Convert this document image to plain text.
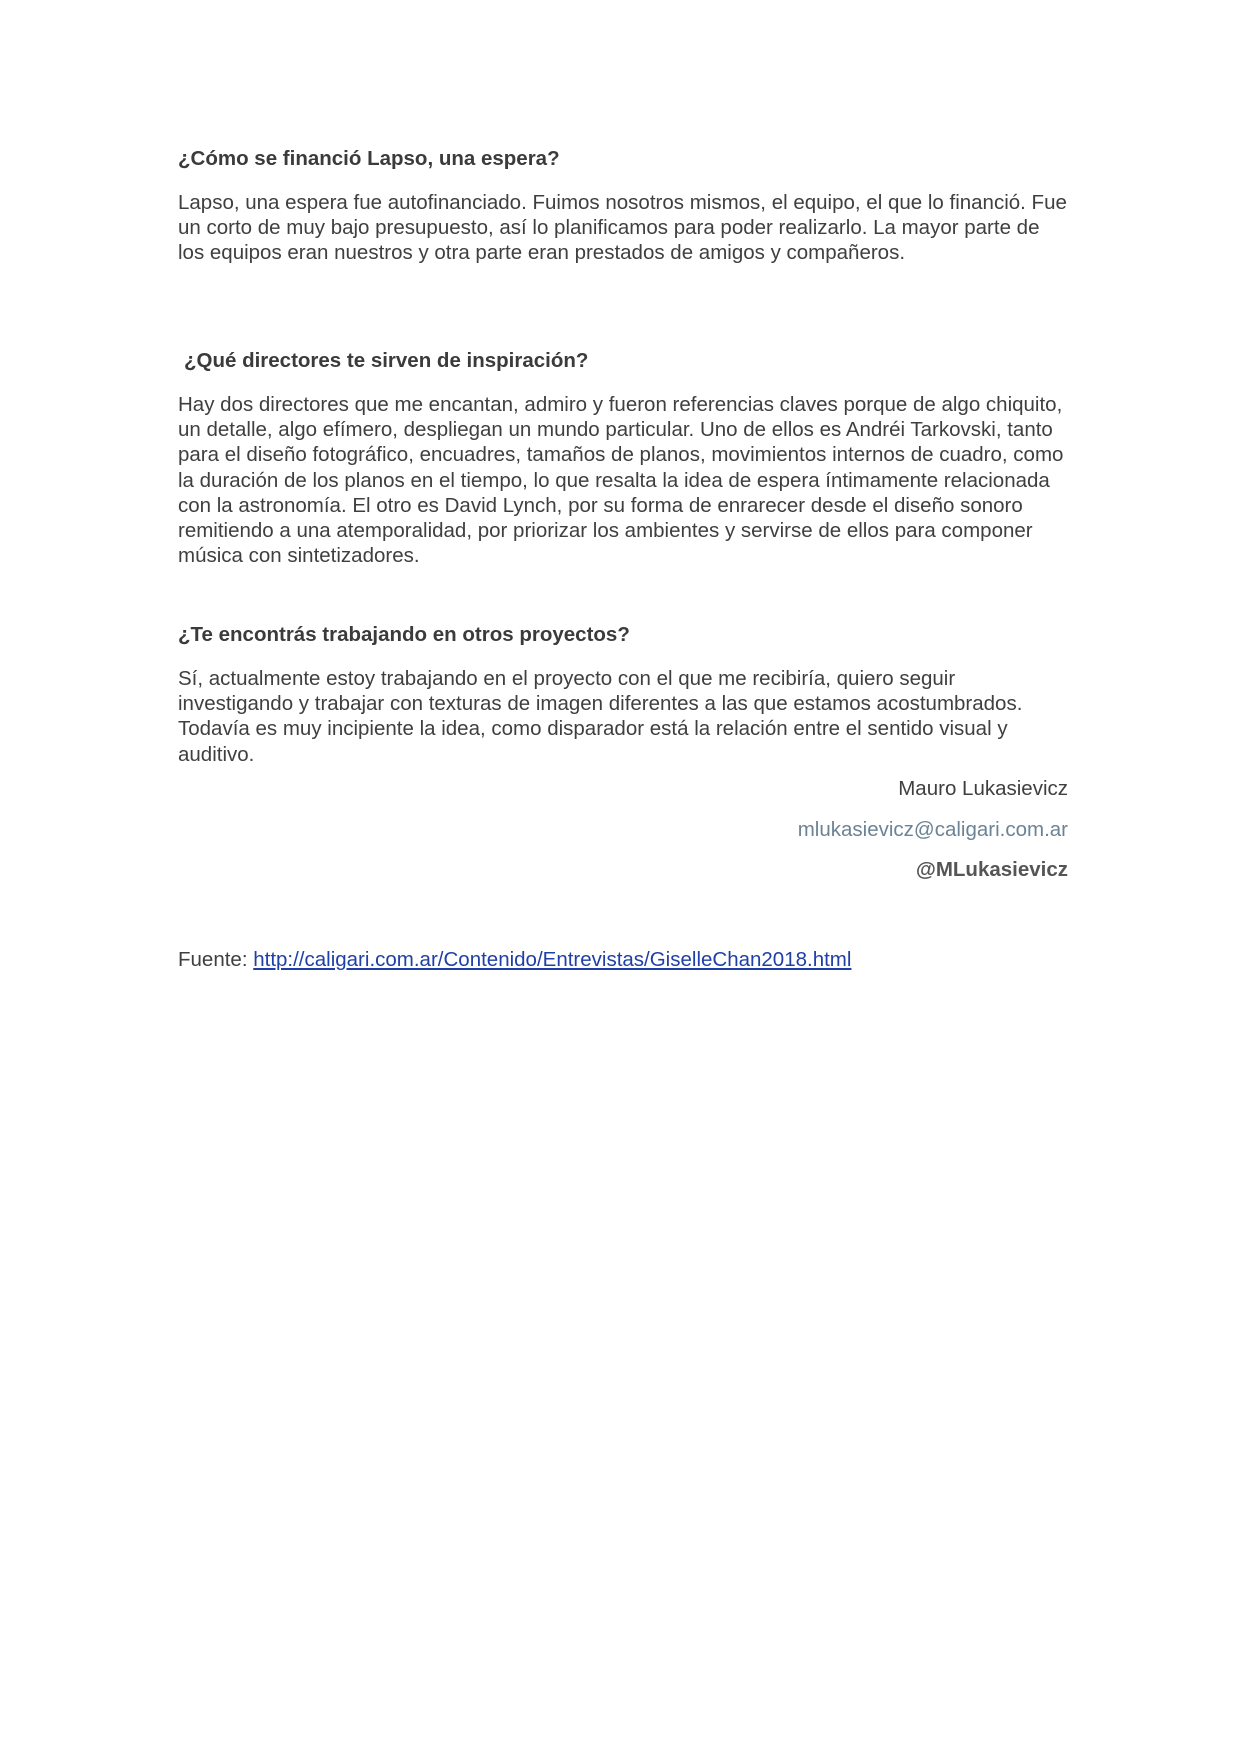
¿Cómo se financió Lapso, una espera?

Lapso, una espera fue autofinanciado. Fuimos nosotros mismos, el equipo, el que lo financió. Fue un corto de muy bajo presupuesto, así lo planificamos para poder realizarlo. La mayor parte de los equipos eran nuestros y otra parte eran prestados de amigos y compañeros.

¿Qué directores te sirven de inspiración?

Hay dos directores que me encantan, admiro y fueron referencias claves porque de algo chiquito, un detalle, algo efímero, despliegan un mundo particular. Uno de ellos es Andréi Tarkovski, tanto para el diseño fotográfico, encuadres, tamaños de planos, movimientos internos de cuadro, como la duración de los planos en el tiempo, lo que resalta la idea de espera íntimamente relacionada con la astronomía. El otro es David Lynch, por su forma de enrarecer desde el diseño sonoro remitiendo a una atemporalidad, por priorizar los ambientes y servirse de ellos para componer música con sintetizadores.

¿Te encontrás trabajando en otros proyectos?

Sí, actualmente estoy trabajando en el proyecto con el que me recibiría, quiero seguir investigando y trabajar con texturas de imagen diferentes a las que estamos acostumbrados. Todavía es muy incipiente la idea, como disparador está la relación entre el sentido visual y auditivo.

Mauro Lukasievicz
mlukasievicz@caligari.com.ar
@MLukasievicz
Fuente: http://caligari.com.ar/Contenido/Entrevistas/GiselleChan2018.html
